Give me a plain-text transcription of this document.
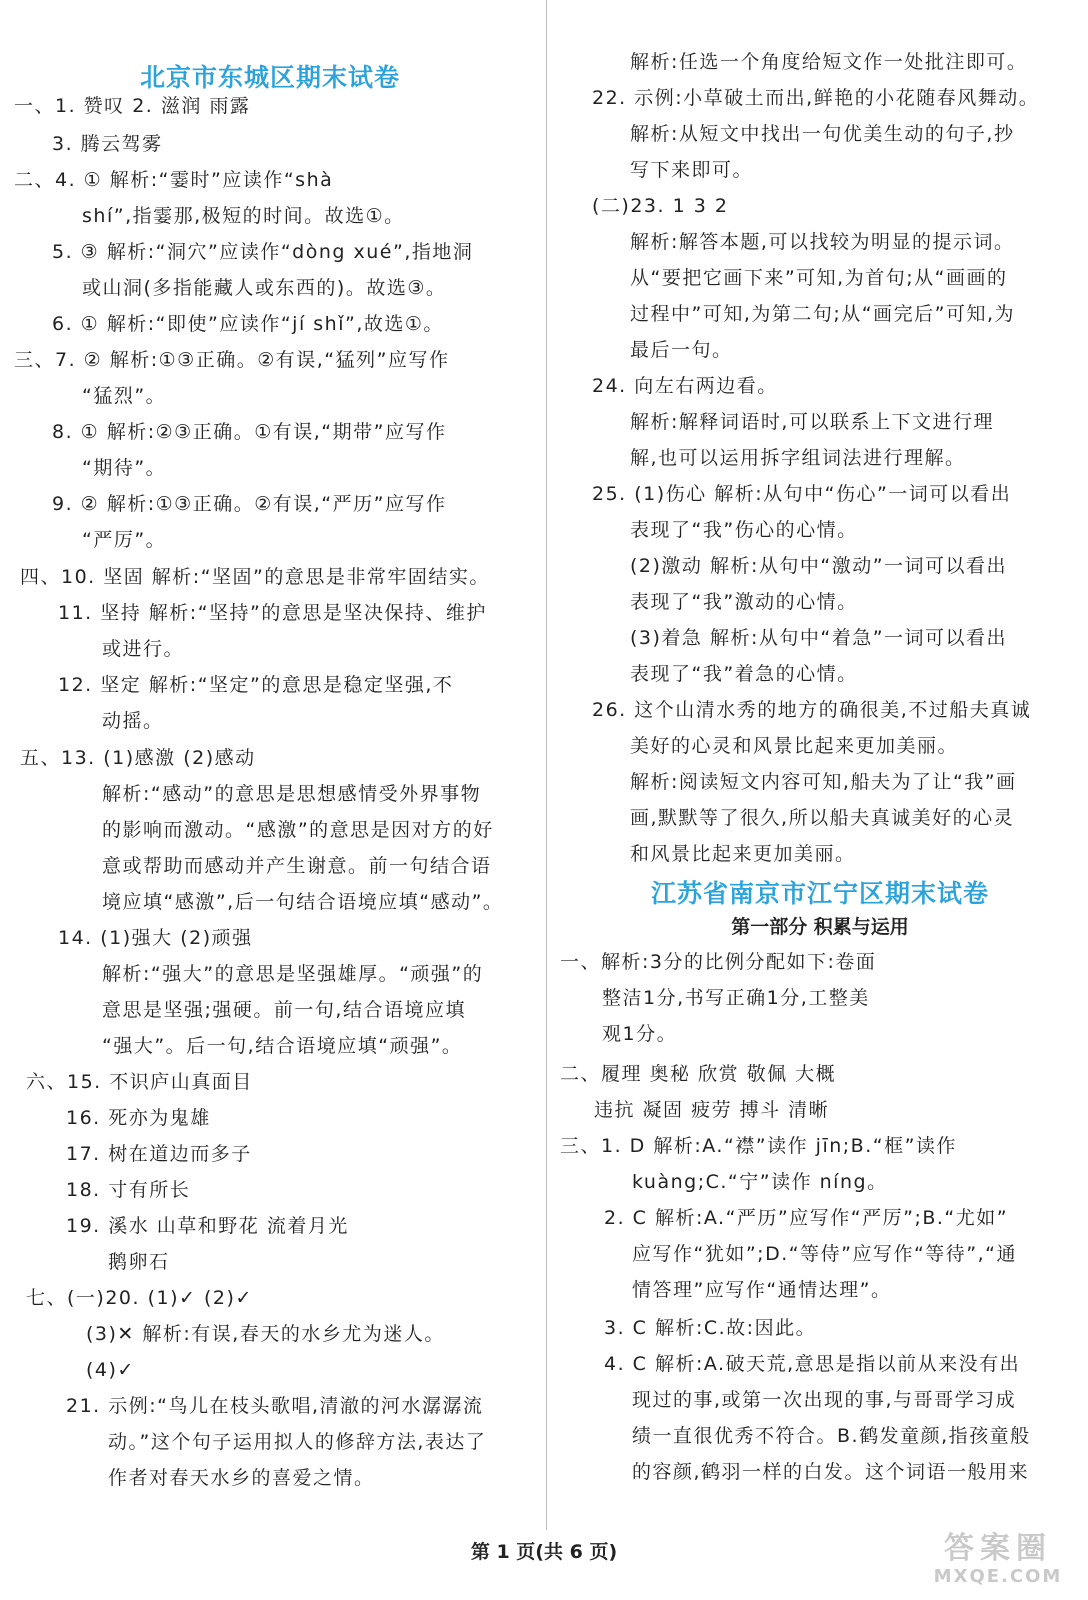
北京市东城区期末试卷
一、1. 赞叹 2. 滋润 雨露
3. 腾云驾雾
二、4. ① 解析:“霎时”应读作“shà
shí”,指霎那,极短的时间。故选①。
5. ③ 解析:“洞穴”应读作“dòng xué”,指地洞
或山洞(多指能藏人或东西的)。故选③。
6. ① 解析:“即使”应读作“jí shǐ”,故选①。
三、7. ② 解析:①③正确。②有误,“猛列”应写作
“猛烈”。
8. ① 解析:②③正确。①有误,“期带”应写作
“期待”。
9. ② 解析:①③正确。②有误,“严历”应写作
“严厉”。
四、10. 坚固 解析:“坚固”的意思是非常牢固结实。
11. 坚持 解析:“坚持”的意思是坚决保持、维护
或进行。
12. 坚定 解析:“坚定”的意思是稳定坚强,不
动摇。
五、13. (1)感激 (2)感动
解析:“感动”的意思是思想感情受外界事物
的影响而激动。“感激”的意思是因对方的好
意或帮助而感动并产生谢意。前一句结合语
境应填“感激”,后一句结合语境应填“感动”。
14. (1)强大 (2)顽强
解析:“强大”的意思是坚强雄厚。“顽强”的
意思是坚强;强硬。前一句,结合语境应填
“强大”。后一句,结合语境应填“顽强”。
六、15. 不识庐山真面目
16. 死亦为鬼雄
17. 树在道边而多子
18. 寸有所长
19. 溪水 山草和野花 流着月光
鹅卵石
七、(一)20. (1)✓ (2)✓
(3)✕ 解析:有误,春天的水乡尤为迷人。
(4)✓
21. 示例:“鸟儿在枝头歌唱,清澈的河水潺潺流
动。”这个句子运用拟人的修辞方法,表达了
作者对春天水乡的喜爱之情。
解析:任选一个角度给短文作一处批注即可。
22. 示例:小草破土而出,鲜艳的小花随春风舞动。
解析:从短文中找出一句优美生动的句子,抄
写下来即可。
(二)23. 1 3 2
解析:解答本题,可以找较为明显的提示词。
从“要把它画下来”可知,为首句;从“画画的
过程中”可知,为第二句;从“画完后”可知,为
最后一句。
24. 向左右两边看。
解析:解释词语时,可以联系上下文进行理
解,也可以运用拆字组词法进行理解。
25. (1)伤心 解析:从句中“伤心”一词可以看出
表现了“我”伤心的心情。
(2)激动 解析:从句中“激动”一词可以看出
表现了“我”激动的心情。
(3)着急 解析:从句中“着急”一词可以看出
表现了“我”着急的心情。
26. 这个山清水秀的地方的确很美,不过船夫真诚
美好的心灵和风景比起来更加美丽。
解析:阅读短文内容可知,船夫为了让“我”画
画,默默等了很久,所以船夫真诚美好的心灵
和风景比起来更加美丽。
江苏省南京市江宁区期末试卷
第一部分 积累与运用
一、解析:3分的比例分配如下:卷面
整洁1分,书写正确1分,工整美
观1分。
二、履理 奥秘 欣赏 敬佩 大概
违抗 凝固 疲劳 搏斗 清晰
三、1. D 解析:A.“襟”读作 jīn;B.“框”读作
kuàng;C.“宁”读作 níng。
2. C 解析:A.“严历”应写作“严厉”;B.“尤如”
应写作“犹如”;D.“等侍”应写作“等待”,“通
情答理”应写作“通情达理”。
3. C 解析:C.故:因此。
4. C 解析:A.破天荒,意思是指以前从来没有出
现过的事,或第一次出现的事,与哥哥学习成
绩一直很优秀不符合。B.鹤发童颜,指孩童般
的容颜,鹤羽一样的白发。这个词语一般用来
第 1 页(共 6 页)	答案圈
MXQE.COM
